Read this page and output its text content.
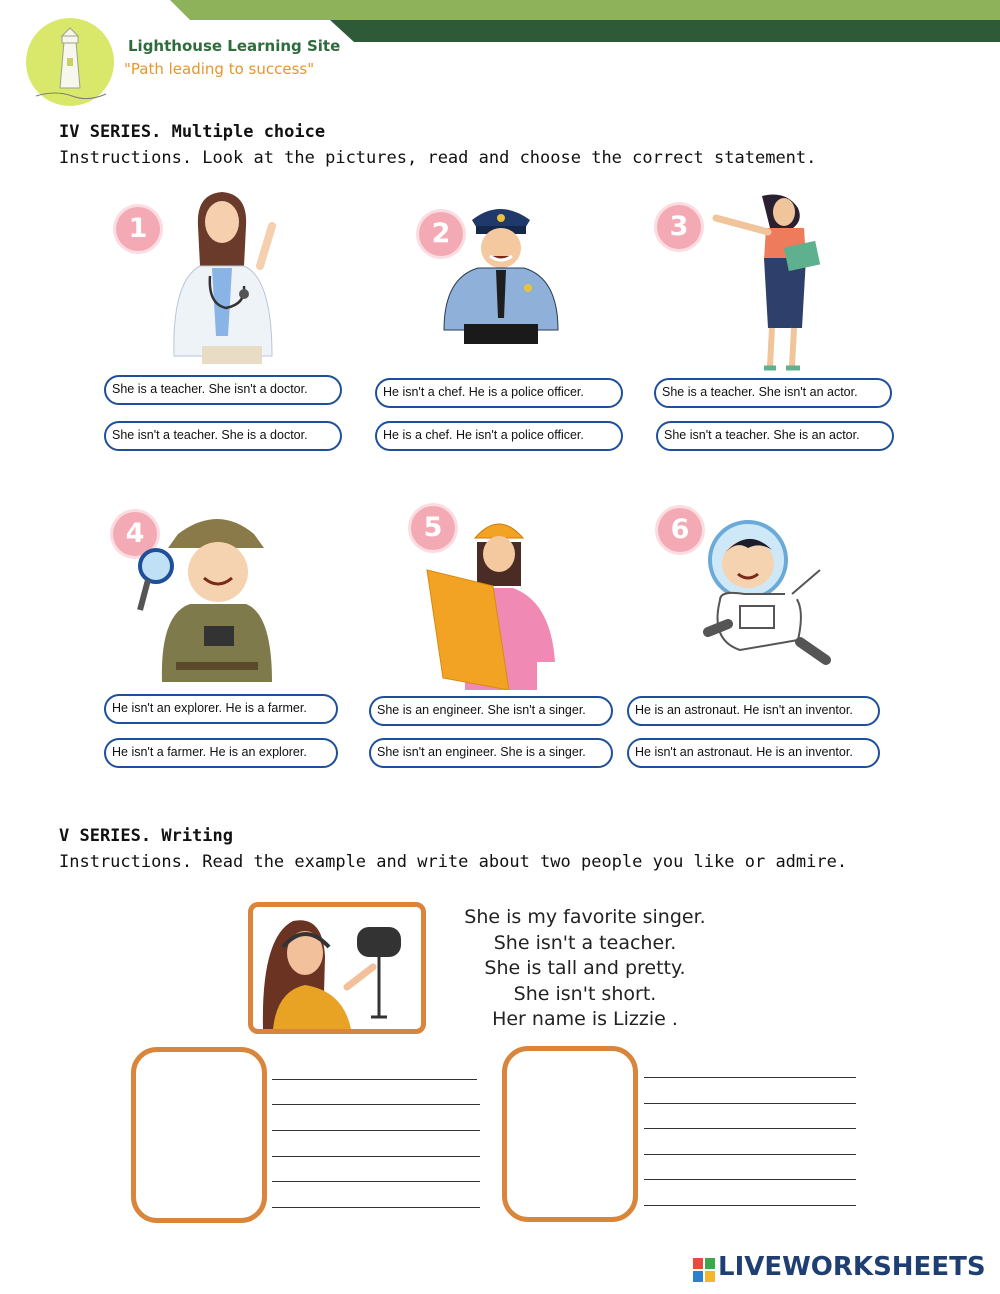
Lighthouse Learning Site
"Path leading to success"
IV SERIES. Multiple choice
Instructions. Look at the pictures, read and choose the correct statement.
1	2	3
4	5	6
She is a teacher. She isn't a doctor.
She isn't a teacher. She is a doctor.
He isn't a chef. He is a police officer.
He is a chef. He isn't a police officer.
She is a teacher. She isn't an actor.
She isn't a teacher. She is an actor.
He isn't an explorer. He is a farmer.
He isn't a farmer. He is an explorer.
She is an engineer. She isn't a singer.
She isn't an engineer. She is a singer.
He is an astronaut. He isn't an inventor.
He isn't an astronaut. He is an inventor.
V SERIES. Writing
Instructions. Read the example and write about two people you like or admire.
She is my favorite singer.
She isn't a teacher.
She is tall and pretty.
She isn't short.
Her name is Lizzie .
LIVEWORKSHEETS
